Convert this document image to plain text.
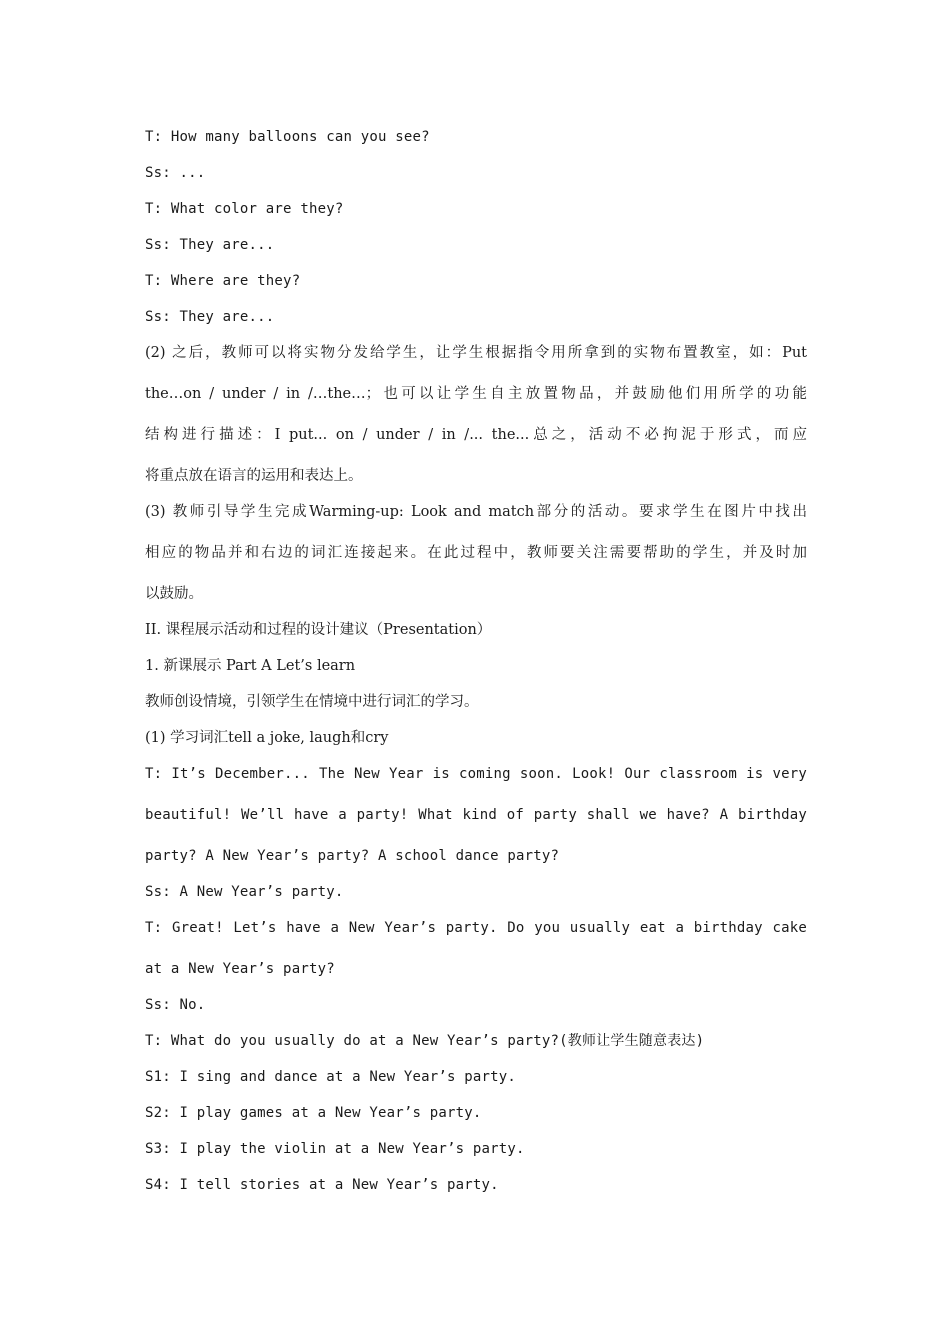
T: How many balloons can you see?
Ss: ...
T: What color are they?
Ss: They are...
T: Where are they?
Ss: They are...
(2) 之后，教师可以将实物分发给学生，让学生根据指令用所拿到的实物布置教室，如：Put
the…on / under / in /…the…；也可以让学生自主放置物品，并鼓励他们用所学的功能
结构进行描述：I put... on / under / in /... the...总之，活动不必拘泥于形式，而应
将重点放在语言的运用和表达上。
(3) 教师引导学生完成Warming-up: Look and match部分的活动。要求学生在图片中找出
相应的物品并和右边的词汇连接起来。在此过程中，教师要关注需要帮助的学生，并及时加
以鼓励。
II. 课程展示活动和过程的设计建议（Presentation）
1. 新课展示 Part A Let’s learn
教师创设情境，引领学生在情境中进行词汇的学习。
(1) 学习词汇tell a joke, laugh和cry
T: It’s December... The New Year is coming soon. Look! Our classroom is very
beautiful! We’ll have a party! What kind of party shall we have? A birthday
party? A New Year’s party? A school dance party?
Ss: A New Year’s party.
T: Great! Let’s have a New Year’s party. Do you usually eat a birthday cake
at a New Year’s party?
Ss: No.
T: What do you usually do at a New Year’s party?(教师让学生随意表达)
S1: I sing and dance at a New Year’s party.
S2: I play games at a New Year’s party.
S3: I play the violin at a New Year’s party.
S4: I tell stories at a New Year’s party.
